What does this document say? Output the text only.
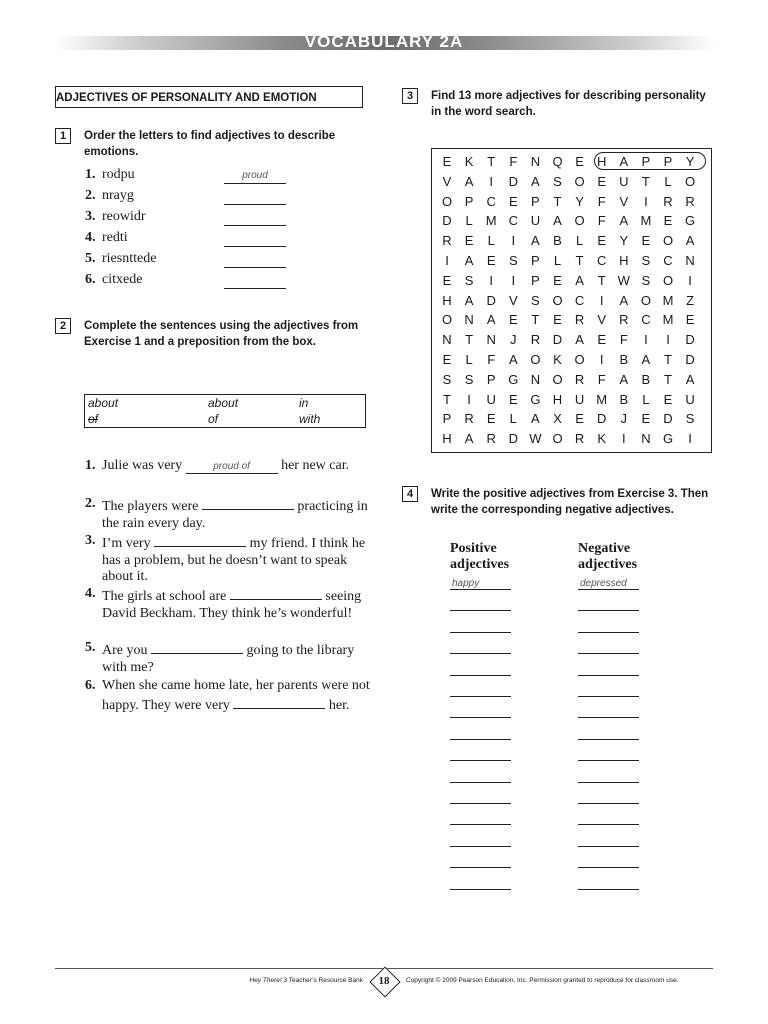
VOCABULARY 2A
ADJECTIVES OF PERSONALITY AND EMOTION
1	Order the letters to find adjectives to describe emotions.
1. rodpu	proud
2. nrayg
3. reowidr
4. redti
5. riesnttede
6. citxede
2	Complete the sentences using the adjectives from Exercise 1 and a preposition from the box.
about	about	in
of	of	with
1. Julie was very	proud of her new car.
2. The players were	practicing in the rain every day.
3. I’m very	my friend. I think he has a problem, but he doesn’t want to speak about it.
4. The girls at school are	seeing David Beckham. They think he’s wonderful!
5. Are you	going to the library with me?
6. When she came home late, her parents were not happy. They were very	her.
3	Find 13 more adjectives for describing personality in the word search.
E	K	T	F	N Q E	H	A	P	P	Y
V	A	I	D	A	S O E	U	T	L	O
O P	C	E	P	T	Y	F	V	I	R R
D	L	M C U	A O	F	A M E G
R	E	L	I	A	B	L	E	Y	E O A
I	A	E	S	P	L	T	C H	S	C N
E	S	I	I	P	E	A	T W S O	I
H	A	D	V	S O C	I	A O M Z
O N	A	E	T	E	R	V	R C M E
N	T	N	J	R D	A	E	F	I	I	D
E	L	F	A O K O	I	B	A	T	D
S	S	P G N O R	F	A	B	T	A
T	I	U	E G H U M B	L	E	U
P	R	E	L	A	X	E	D	J	E	D	S
H	A	R D W O R	K	I	N G	I
4	Write the positive adjectives from Exercise 3. Then write the corresponding negative adjectives.
Positive
adjectives
Negative
adjectives
happy	depressed
Hey There! 3 Teacher’s Resource Bank	18	Copyright © 2009 Pearson Education, Inc. Permission granted to reproduce for classroom use.
